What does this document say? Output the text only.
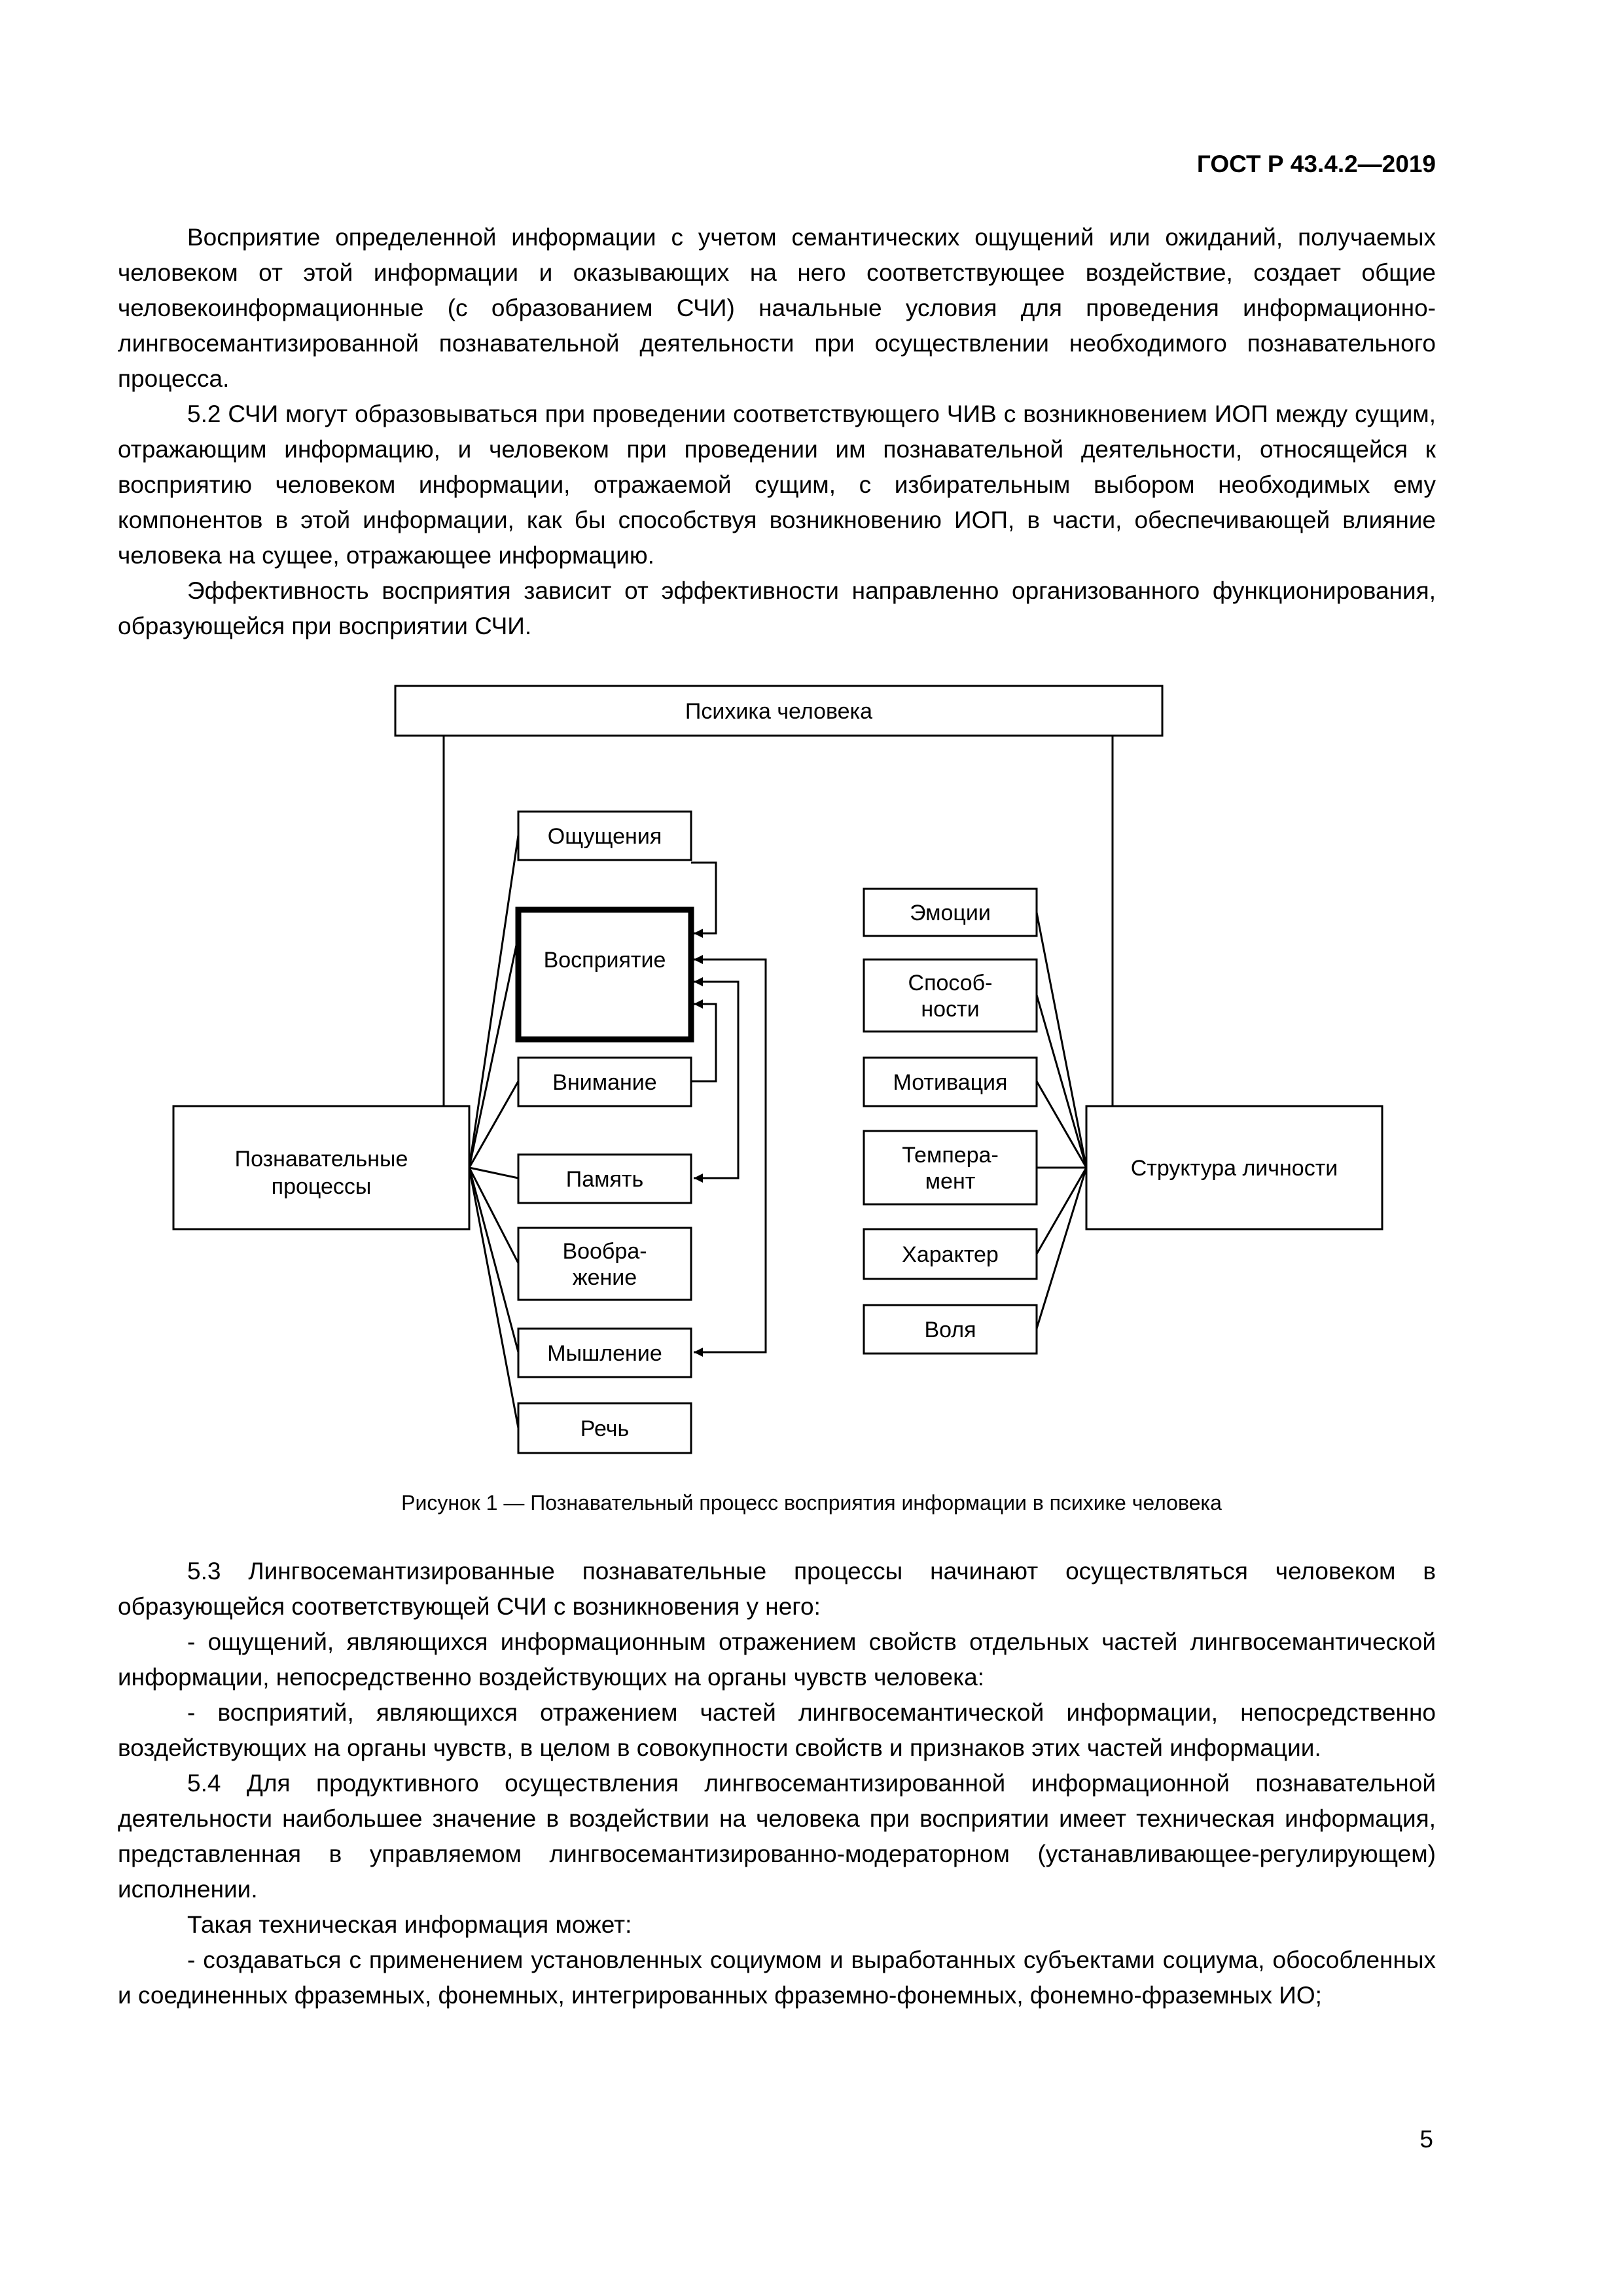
ГОСТ Р 43.4.2—2019

Восприятие определенной информации с учетом семантических ощущений или ожиданий, получаемых человеком от этой информации и оказывающих на него соответствующее воздействие, создает общие человекоинформационные (с образованием СЧИ) начальные условия для проведения информационно-лингвосемантизированной познавательной деятельности при осуществлении необходимого познавательного процесса.

5.2 СЧИ могут образовываться при проведении соответствующего ЧИВ с возникновением ИОП между сущим, отражающим информацию, и человеком при проведении им познавательной деятельности, относящейся к восприятию человеком информации, отражаемой сущим, с избирательным выбором необходимых ему компонентов в этой информации, как бы способствуя возникновению ИОП, в части, обеспечивающей влияние человека на сущее, отражающее информацию.

Эффективность восприятия зависит от эффективности направленно организованного функционирования, образующейся при восприятии СЧИ.

Психика человека
Познавательные
процессы
Структура личности
Ощущения
Восприятие
Внимание
Память
Вообра-жение
Мышление
Речь
Эмоции
Способ-ности
Мотивация
Темпера-мент
Характер
Воля
Рисунок 1 — Познавательный процесс восприятия информации в психике человека

5.3 Лингвосемантизированные познавательные процессы начинают осуществляться человеком в образующейся соответствующей СЧИ с возникновения у него:

- ощущений, являющихся информационным отражением свойств отдельных частей лингвосемантической информации, непосредственно воздействующих на органы чувств человека:

- восприятий, являющихся отражением частей лингвосемантической информации, непосредственно воздействующих на органы чувств, в целом в совокупности свойств и признаков этих частей информации.

5.4 Для продуктивного осуществления лингвосемантизированной информационной познавательной деятельности наибольшее значение в воздействии на человека при восприятии имеет техническая информация, представленная в управляемом лингвосемантизированно-модераторном (устанавливающее-регулирующем) исполнении.

Такая техническая информация может:

- создаваться с применением установленных социумом и выработанных субъектами социума, обособленных и соединенных фраземных, фонемных, интегрированных фраземно-фонемных, фонемно-фраземных ИО;

5
